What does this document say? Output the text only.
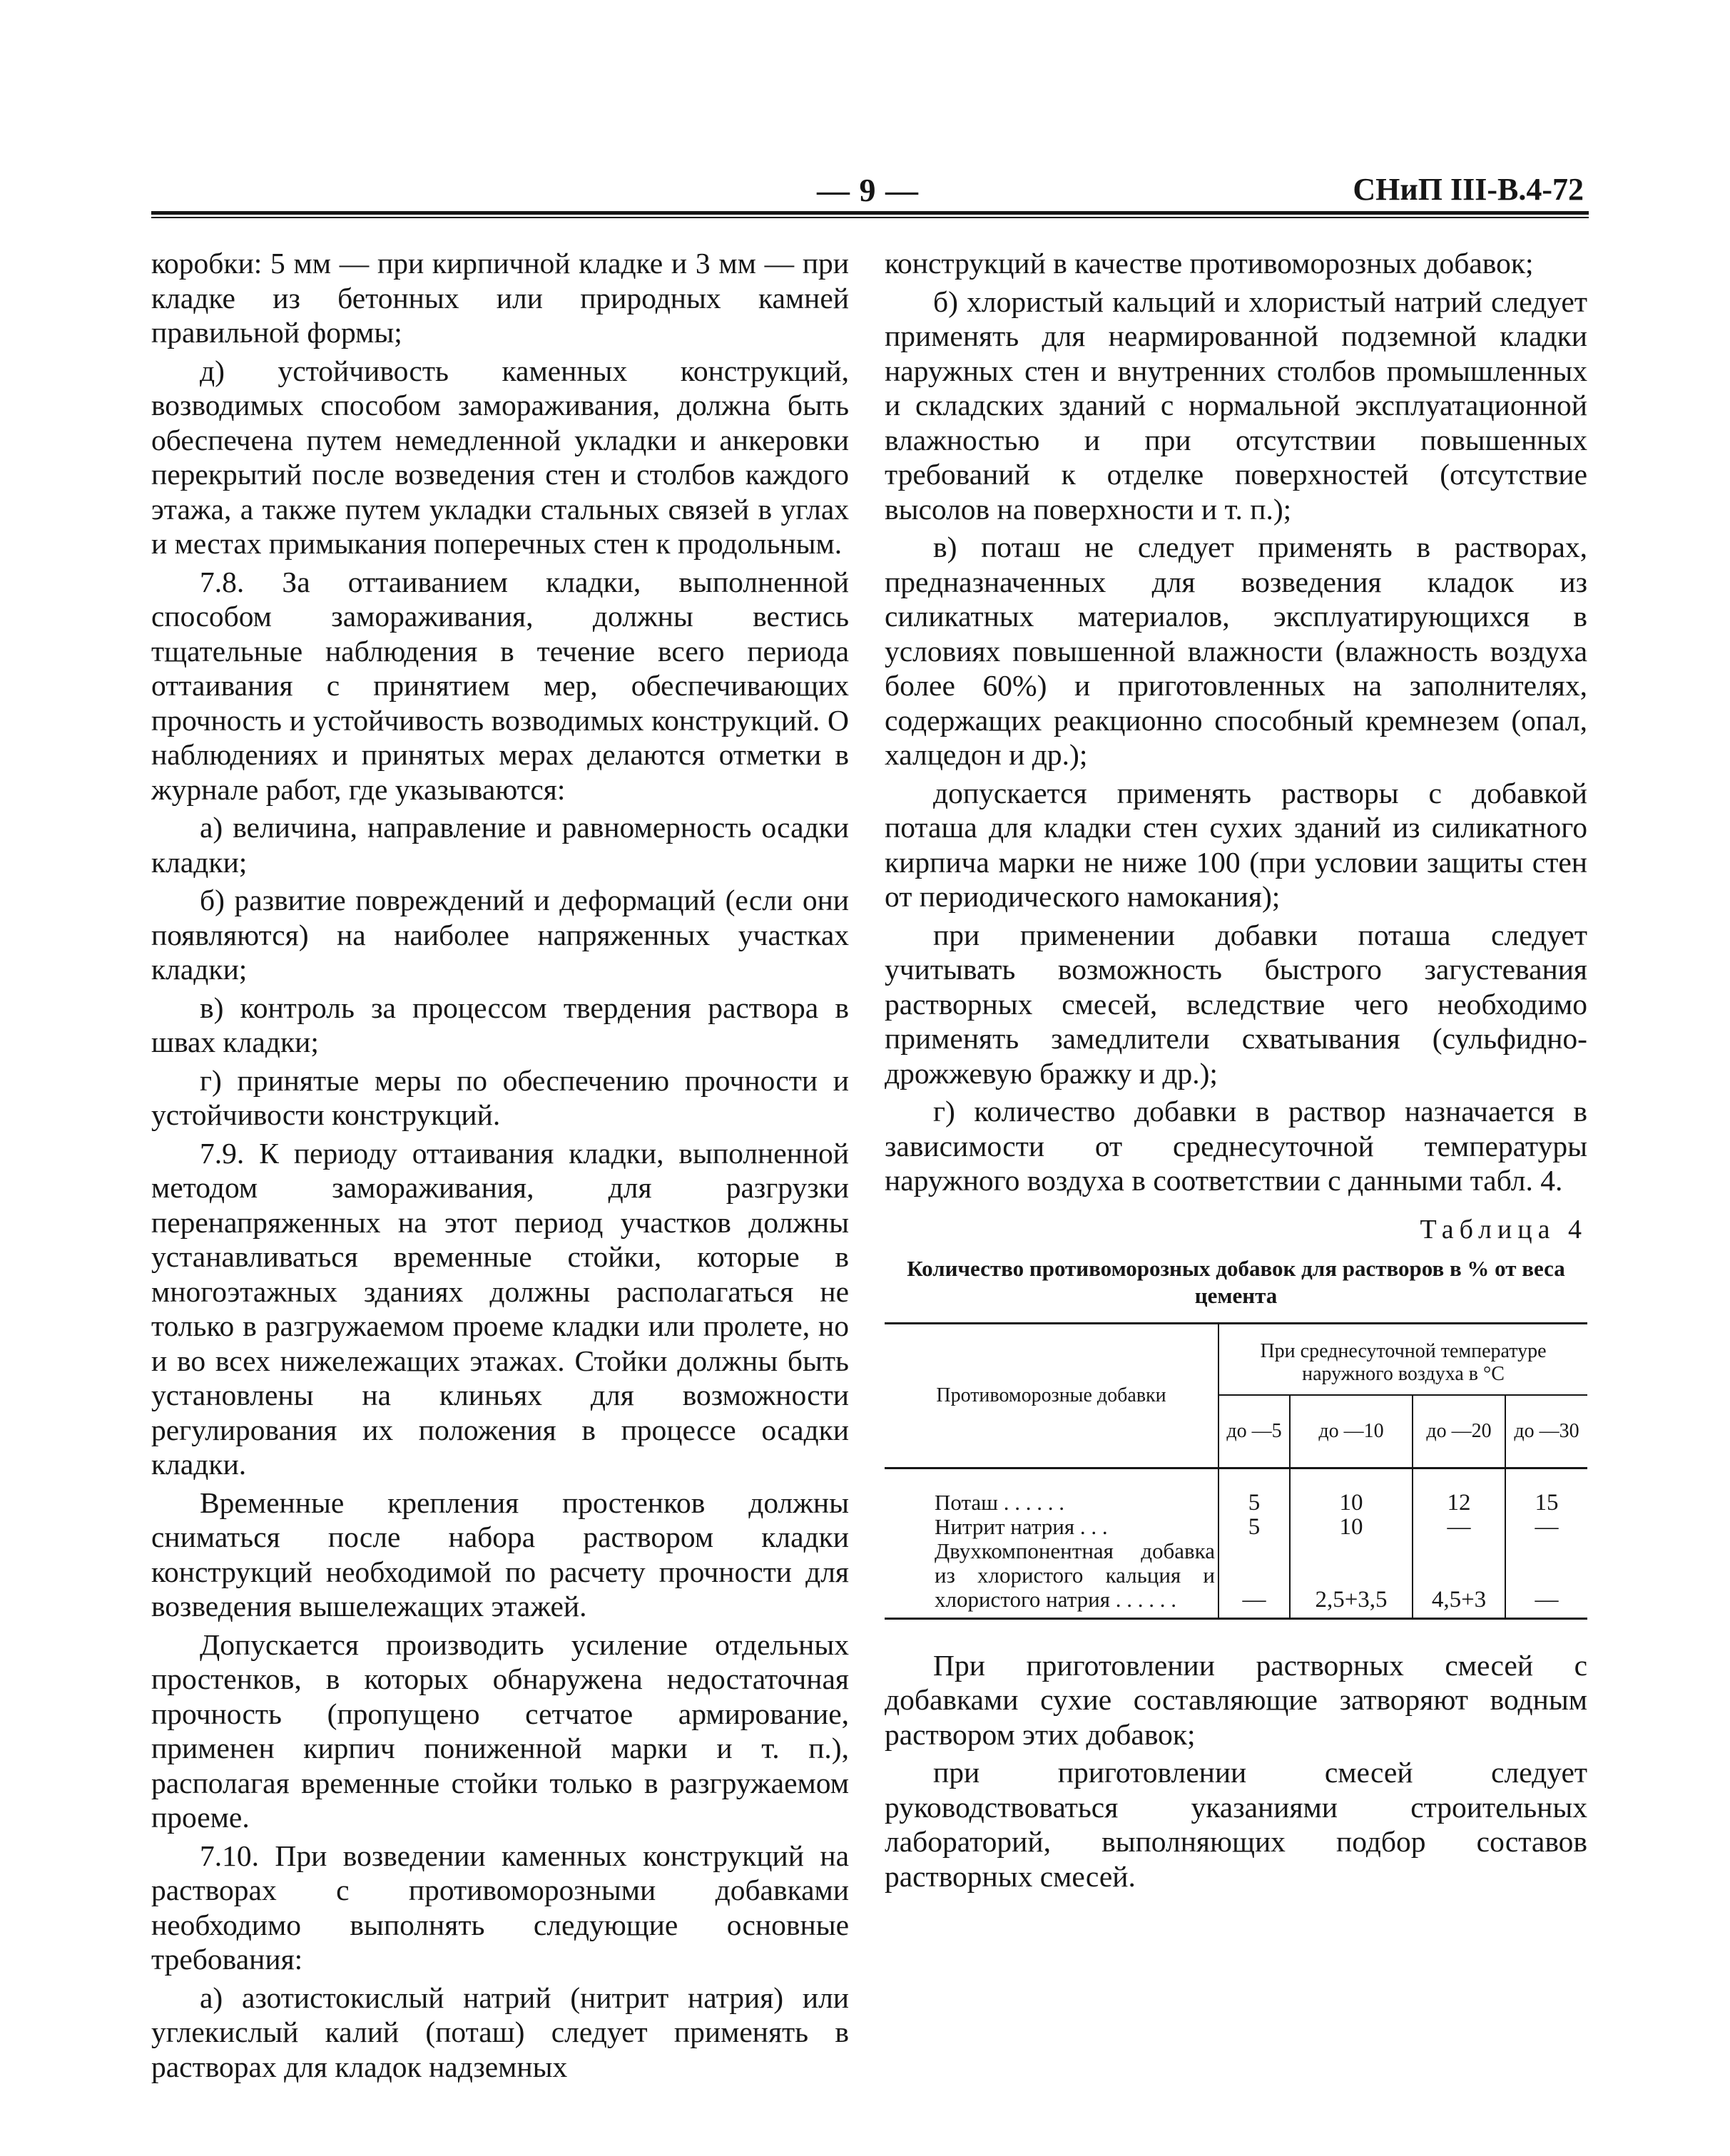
— 9 —	СНиП III-В.4-72

коробки: 5 мм — при кирпичной кладке и 3 мм — при кладке из бетонных или природных камней правильной формы;

д) устойчивость каменных конструкций, возводимых способом замораживания, должна быть обеспечена путем немедленной укладки и анкеровки перекрытий после возведения стен и столбов каждого этажа, а также путем укладки стальных связей в углах и местах примыкания поперечных стен к продольным.

7.8. За оттаиванием кладки, выполненной способом замораживания, должны вестись тщательные наблюдения в течение всего периода оттаивания с принятием мер, обеспечивающих прочность и устойчивость возводимых конструкций. О наблюдениях и принятых мерах делаются отметки в журнале работ, где указываются:

а) величина, направление и равномерность осадки кладки;

б) развитие повреждений и деформаций (если они появляются) на наиболее напряженных участках кладки;

в) контроль за процессом твердения раствора в швах кладки;

г) принятые меры по обеспечению прочности и устойчивости конструкций.

7.9. К периоду оттаивания кладки, выполненной методом замораживания, для разгрузки перенапряженных на этот период участков должны устанавливаться временные стойки, которые в многоэтажных зданиях должны располагаться не только в разгружаемом проеме кладки или пролете, но и во всех нижележащих этажах. Стойки должны быть установлены на клиньях для возможности регулирования их положения в процессе осадки кладки.

Временные крепления простенков должны сниматься после набора раствором кладки конструкций необходимой по расчету прочности для возведения вышележащих этажей.

Допускается производить усиление отдельных простенков, в которых обнаружена недостаточная прочность (пропущено сетчатое армирование, применен кирпич пониженной марки и т. п.), располагая временные стойки только в разгружаемом проеме.

7.10. При возведении каменных конструкций на растворах с противоморозными добавками необходимо выполнять следующие основные требования:

а) азотистокислый натрий (нитрит натрия) или углекислый калий (поташ) следует применять в растворах для кладок надземных

конструкций в качестве противоморозных добавок;

б) хлористый кальций и хлористый натрий следует применять для неармированной подземной кладки наружных стен и внутренних столбов промышленных и складских зданий с нормальной эксплуатационной влажностью и при отсутствии повышенных требований к отделке поверхностей (отсутствие высолов на поверхности и т. п.);

в) поташ не следует применять в растворах, предназначенных для возведения кладок из силикатных материалов, эксплуатирующихся в условиях повышенной влажности (влажность воздуха более 60%) и приготовленных на заполнителях, содержащих реакционно способный кремнезем (опал, халцедон и др.);

допускается применять растворы с добавкой поташа для кладки стен сухих зданий из силикатного кирпича марки не ниже 100 (при условии защиты стен от периодического намокания);

при применении добавки поташа следует учитывать возможность быстрого загустевания растворных смесей, вследствие чего необходимо применять замедлители схватывания (сульфидно-дрожжевую бражку и др.);

г) количество добавки в раствор назначается в зависимости от среднесуточной температуры наружного воздуха в соответствии с данными табл. 4.

Таблица 4
Количество противоморозных добавок для растворов в % от веса цемента
Противоморозные добавки	При среднесуточной температуре наружного воздуха в °С			
	до —5	до —10	до —20	до —30
Поташ . . . . . .	5	10	12	15
Нитрит натрия . . .	5	10	—	—
Двухкомпонентная добавка из хлористого кальция и хлористого натрия . . . . . .	—	2,5+3,5	4,5+3	—

При приготовлении растворных смесей с добавками сухие составляющие затворяют водным раствором этих добавок;

при приготовлении смесей следует руководствоваться указаниями строительных лабораторий, выполняющих подбор составов растворных смесей.
